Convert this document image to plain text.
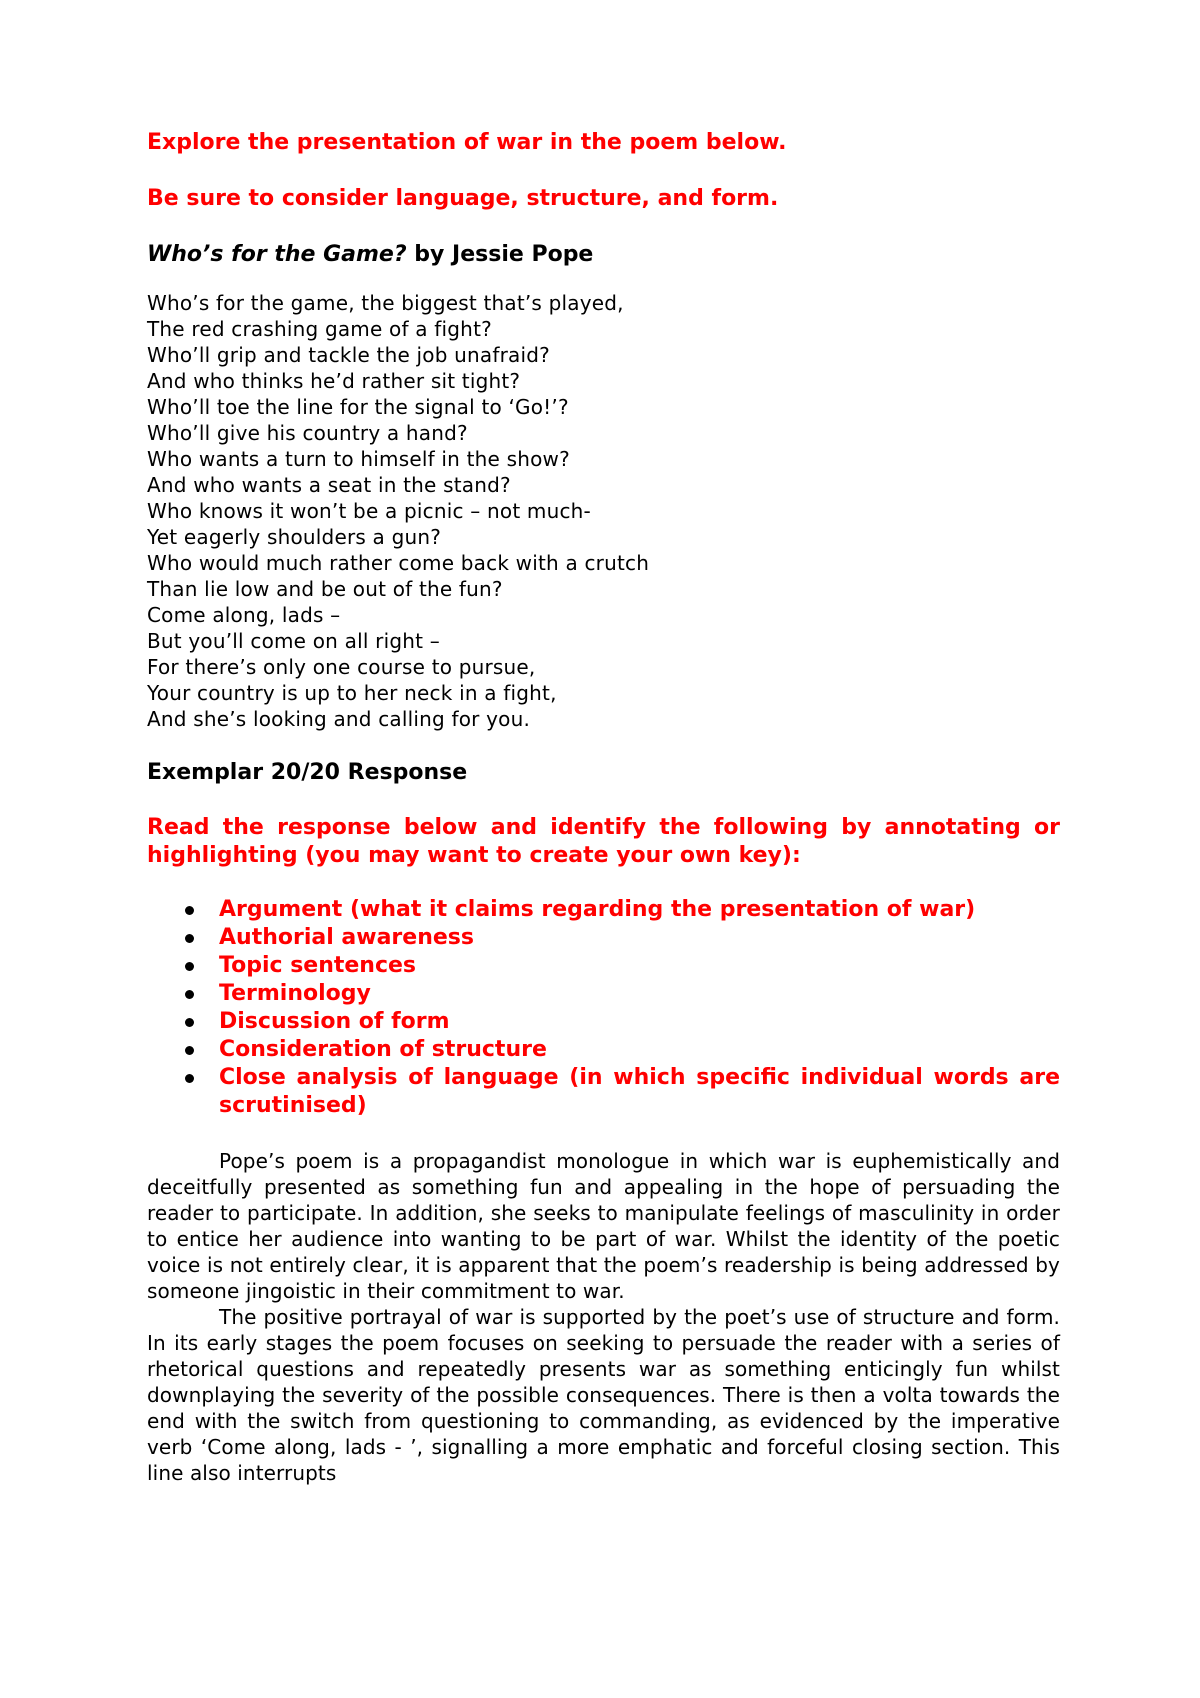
Explore the presentation of war in the poem below.

Be sure to consider language, structure, and form.

Who’s for the Game? by Jessie Pope

Who’s for the game, the biggest that’s played,
The red crashing game of a fight?
Who’ll grip and tackle the job unafraid?
And who thinks he’d rather sit tight?
Who’ll toe the line for the signal to ‘Go!’?
Who’ll give his country a hand?
Who wants a turn to himself in the show?
And who wants a seat in the stand?
Who knows it won’t be a picnic – not much-
Yet eagerly shoulders a gun?
Who would much rather come back with a crutch
Than lie low and be out of the fun?
Come along, lads –
But you’ll come on all right –
For there’s only one course to pursue,
Your country is up to her neck in a fight,
And she’s looking and calling for you.
Exemplar 20/20 Response

Read the response below and identify the following by annotating or highlighting (you may want to create your own key):

Argument (what it claims regarding the presentation of war)
Authorial awareness
Topic sentences
Terminology
Discussion of form
Consideration of structure
Close analysis of language (in which specific individual words are scrutinised)

Pope’s poem is a propagandist monologue in which war is euphemistically and deceitfully presented as something fun and appealing in the hope of persuading the reader to participate. In addition, she seeks to manipulate feelings of masculinity in order to entice her audience into wanting to be part of war. Whilst the identity of the poetic voice is not entirely clear, it is apparent that the poem’s readership is being addressed by someone jingoistic in their commitment to war.

The positive portrayal of war is supported by the poet’s use of structure and form. In its early stages the poem focuses on seeking to persuade the reader with a series of rhetorical questions and repeatedly presents war as something enticingly fun whilst downplaying the severity of the possible consequences. There is then a volta towards the end with the switch from questioning to commanding, as evidenced by the imperative verb ‘Come along, lads - ’, signalling a more emphatic and forceful closing section. This line also interrupts
